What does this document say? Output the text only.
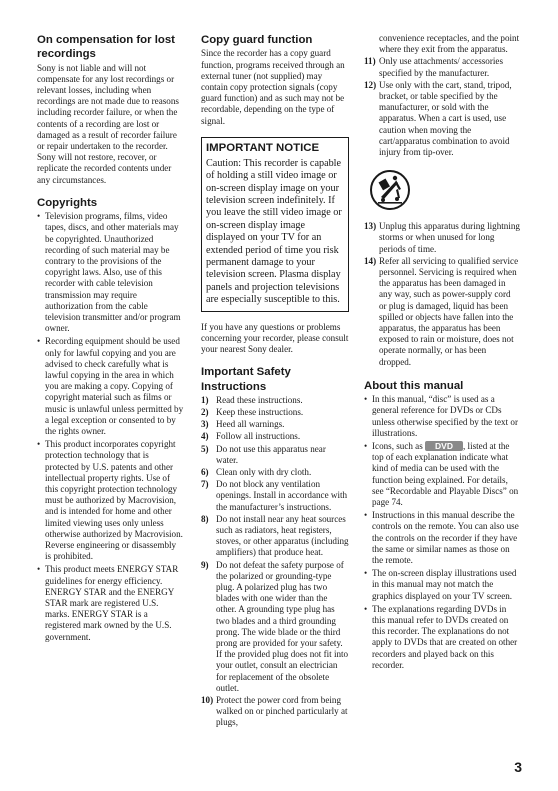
On compensation for lost recordings

Sony is not liable and will not compensate for any lost recordings or relevant losses, including when recordings are not made due to reasons including recorder failure, or when the contents of a recording are lost or damaged as a result of recorder failure or repair undertaken to the recorder. Sony will not restore, recover, or replicate the recorded contents under any circumstances.

Copyrights
• Television programs, films, video tapes, discs, and other materials may be copyrighted. Unauthorized recording of such material may be contrary to the provisions of the copyright laws. Also, use of this recorder with cable television transmission may require authorization from the cable television transmitter and/or program owner.
• Recording equipment should be used only for lawful copying and you are advised to check carefully what is lawful copying in the area in which you are making a copy. Copying of copyright material such as films or music is unlawful unless permitted by a legal exception or consented to by the rights owner.
• This product incorporates copyright protection technology that is protected by U.S. patents and other intellectual property rights. Use of this copyright protection technology must be authorized by Macrovision, and is intended for home and other limited viewing uses only unless otherwise authorized by Macrovision. Reverse engineering or disassembly is prohibited.
• This product meets ENERGY STAR guidelines for energy efficiency. ENERGY STAR and the ENERGY STAR mark are registered U.S. marks. ENERGY STAR is a registered mark owned by the U.S. government.
Copy guard function

Since the recorder has a copy guard function, programs received through an external tuner (not supplied) may contain copy protection signals (copy guard function) and as such may not be recordable, depending on the type of signal.

IMPORTANT NOTICE
Caution: This recorder is capable of holding a still video image or on-screen display image on your television screen indefinitely. If you leave the still video image or on-screen display image displayed on your TV for an extended period of time you risk permanent damage to your television screen. Plasma display panels and projection televisions are especially susceptible to this.

If you have any questions or problems concerning your recorder, please consult your nearest Sony dealer.

Important Safety Instructions
1) Read these instructions.
2) Keep these instructions.
3) Heed all warnings.
4) Follow all instructions.
5) Do not use this apparatus near water.
6) Clean only with dry cloth.
7) Do not block any ventilation openings. Install in accordance with the manufacturer’s instructions.
8) Do not install near any heat sources such as radiators, heat registers, stoves, or other apparatus (including amplifiers) that produce heat.
9) Do not defeat the safety purpose of the polarized or grounding-type plug. A polarized plug has two blades with one wider than the other. A grounding type plug has two blades and a third grounding prong. The wide blade or the third prong are provided for your safety. If the provided plug does not fit into your outlet, consult an electrician for replacement of the obsolete outlet.
10) Protect the power cord from being walked on or pinched particularly at plugs,

convenience receptacles, and the point where they exit from the apparatus.

11) Only use attachments/ accessories specified by the manufacturer.
12) Use only with the cart, stand, tripod, bracket, or table specified by the manufacturer, or sold with the apparatus. When a cart is used, use caution when moving the cart/apparatus combination to avoid injury from tip-over.
13) Unplug this apparatus during lightning storms or when unused for long periods of time.
14) Refer all servicing to qualified service personnel. Servicing is required when the apparatus has been damaged in any way, such as power-supply cord or plug is damaged, liquid has been spilled or objects have fallen into the apparatus, the apparatus has been exposed to rain or moisture, does not operate normally, or has been dropped.
About this manual
• In this manual, “disc” is used as a general reference for DVDs or CDs unless otherwise specified by the text or illustrations.
• Icons, such as DVD , listed at the top of each explanation indicate what kind of media can be used with the function being explained. For details, see “Recordable and Playable Discs” on page 74.
• Instructions in this manual describe the controls on the remote. You can also use the controls on the recorder if they have the same or similar names as those on the remote.
• The on-screen display illustrations used in this manual may not match the graphics displayed on your TV screen.
• The explanations regarding DVDs in this manual refer to DVDs created on this recorder. The explanations do not apply to DVDs that are created on other recorders and played back on this recorder.
3
